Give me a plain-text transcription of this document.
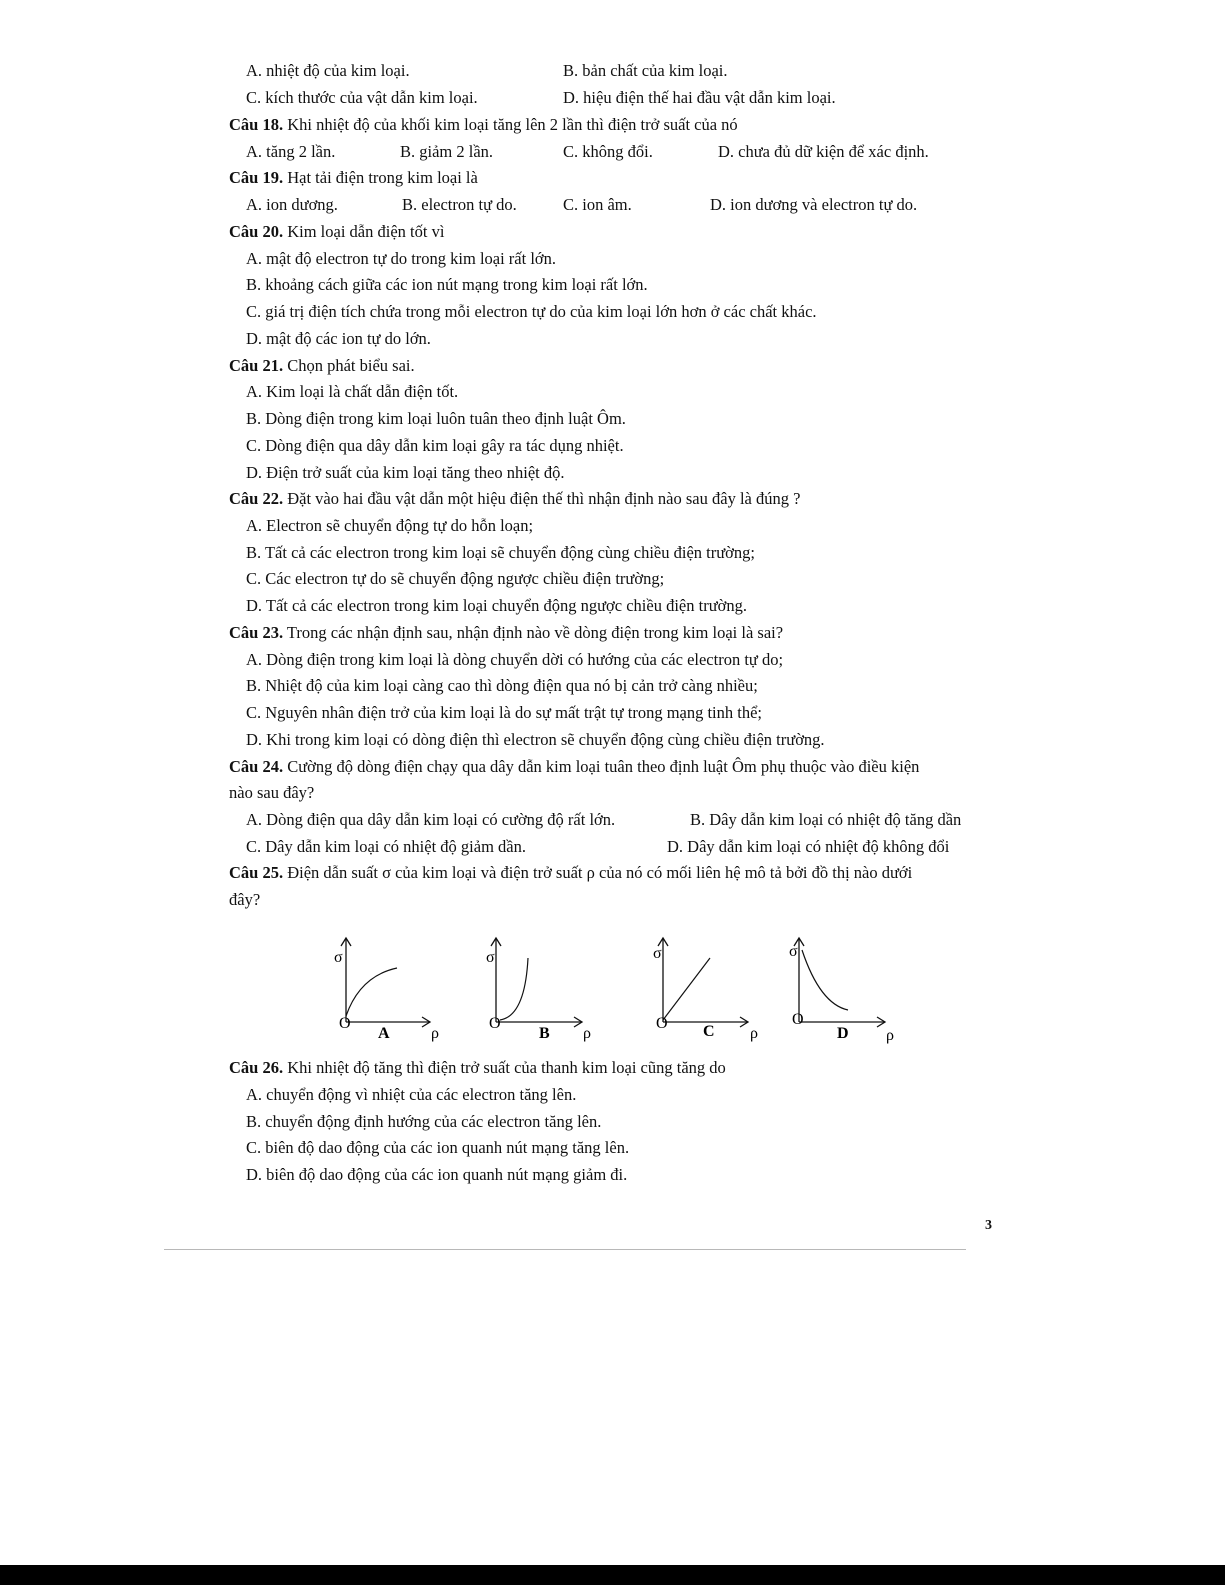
A. nhiệt độ của kim loại.	B. bản chất của kim loại.
C. kích thước của vật dẫn kim loại.	D. hiệu điện thế hai đầu vật dẫn kim loại.
Câu 18. Khi nhiệt độ của khối kim loại tăng lên 2 lần thì điện trở suất của nó
A. tăng 2 lần.	B. giảm 2 lần.	C. không đổi.	D. chưa đủ dữ kiện để xác định.
Câu 19. Hạt tải điện trong kim loại là
A. ion dương.	B. electron tự do.	C. ion âm.	D. ion dương và electron tự do.
Câu 20. Kim loại dẫn điện tốt vì
A. mật độ electron tự do trong kim loại rất lớn.
B. khoảng cách giữa các ion nút mạng trong kim loại rất lớn.
C. giá trị điện tích chứa trong mỗi electron tự do của kim loại lớn hơn ở các chất khác.
D. mật độ các ion tự do lớn.
Câu 21. Chọn phát biểu sai.
A. Kim loại là chất dẫn điện tốt.
B. Dòng điện trong kim loại luôn tuân theo định luật Ôm.
C. Dòng điện qua dây dẫn kim loại gây ra tác dụng nhiệt.
D. Điện trở suất của kim loại tăng theo nhiệt độ.
Câu 22. Đặt vào hai đầu vật dẫn một hiệu điện thế thì nhận định nào sau đây là đúng ?
A. Electron sẽ chuyển động tự do hỗn loạn;
B. Tất cả các electron trong kim loại sẽ chuyển động cùng chiều điện trường;
C. Các electron tự do sẽ chuyển động ngược chiều điện trường;
D. Tất cả các electron trong kim loại chuyển động ngược chiều điện trường.
Câu 23. Trong các nhận định sau, nhận định nào về dòng điện trong kim loại là sai?
A. Dòng điện trong kim loại là dòng chuyển dời có hướng của các electron tự do;
B. Nhiệt độ của kim loại càng cao thì dòng điện qua nó bị cản trở càng nhiều;
C. Nguyên nhân điện trở của kim loại là do sự mất trật tự trong mạng tinh thể;
D. Khi trong kim loại có dòng điện thì electron sẽ chuyển động cùng chiều điện trường.
Câu 24. Cường độ dòng điện chạy qua dây dẫn kim loại tuân theo định luật Ôm phụ thuộc vào điều kiện
nào sau đây?
A. Dòng điện qua dây dẫn kim loại có cường độ rất lớn.	B. Dây dẫn kim loại có nhiệt độ tăng dần
C. Dây dẫn kim loại có nhiệt độ giảm dần.	D. Dây dẫn kim loại có nhiệt độ không đổi
Câu 25. Điện dẫn suất σ của kim loại và điện trở suất ρ của nó có mối liên hệ mô tả bởi đồ thị nào dưới
đây?
σ
O
A	ρ
σ
O
B ρ
σ
O C ρ
σ
O
D ρ
Câu 26. Khi nhiệt độ tăng thì điện trở suất của thanh kim loại cũng tăng do
A. chuyển động vì nhiệt của các electron tăng lên.
B. chuyển động định hướng của các electron tăng lên.
C. biên độ dao động của các ion quanh nút mạng tăng lên.
D. biên độ dao động của các ion quanh nút mạng giảm đi.
3
